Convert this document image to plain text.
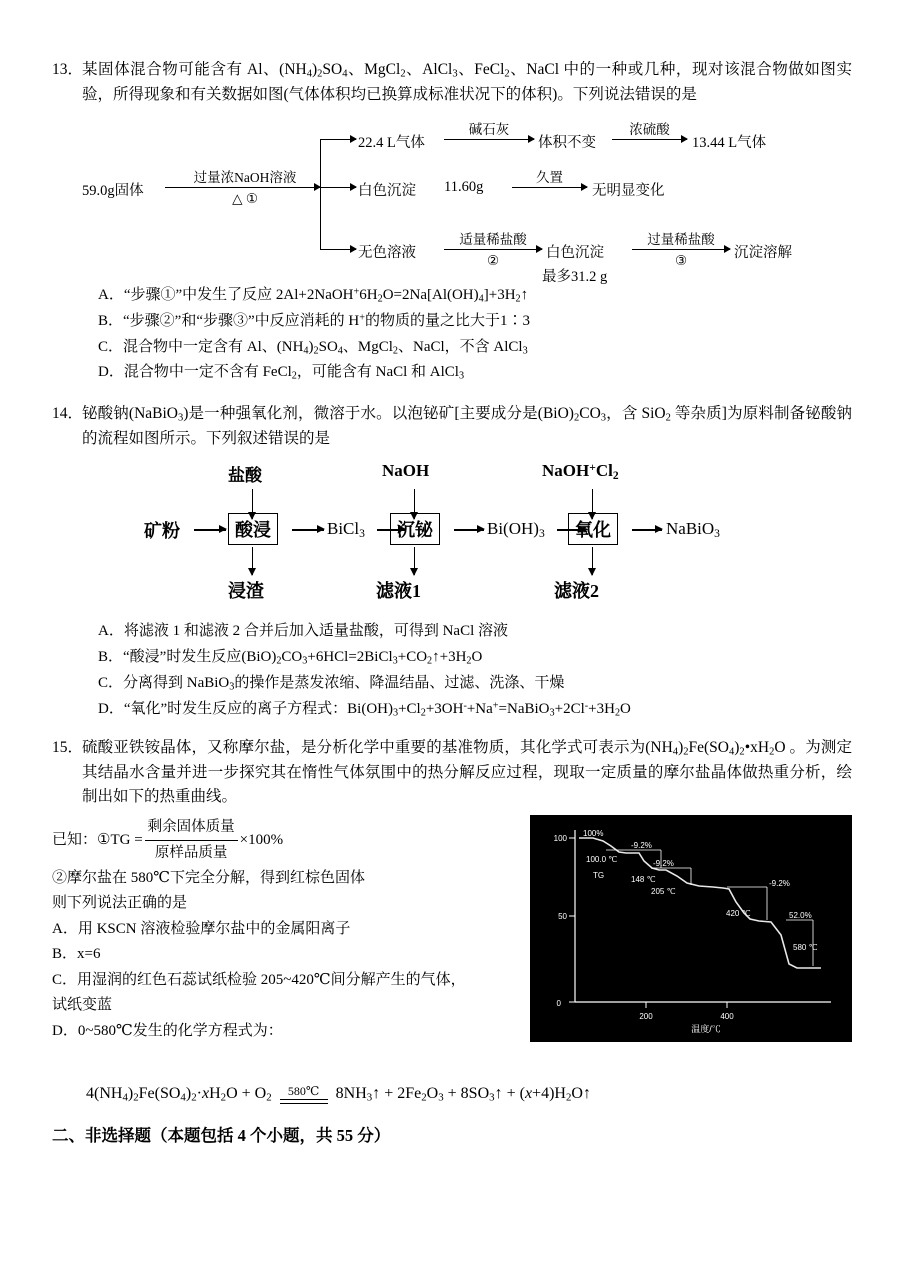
13．
某固体混合物可能含有 Al、$(NH_4)_2SO_4$、MgCl$_2$、AlCl$_3$、FeCl$_2$、NaCl 中的一种或几种，现对该混合物做如图实验，所得现象和有关数据如图(气体体积均已换算成标准状况下的体积)。下列说法错误的是
59.0g固体
过量浓NaOH溶液
△ ①
22.4 L气体
碱石灰
体积不变
浓硫酸
13.44 L气体
白色沉淀 11.60g
久置
无明显变化
无色溶液
适量稀盐酸
②	白色沉淀
最多31.2 g
过量稀盐酸
③	沉淀溶解
A．“步骤①”中发生了反应 $2Al+2NaOH^+6H_2O=2Na[Al(OH)_4]+3H_2↑$
B．“步骤②”和“步骤③”中反应消耗的 H+的物质的量之比大于1∶3
C．混合物中一定含有 Al、$(NH_4)_2SO_4$、MgCl$_2$、NaCl，不含 AlCl$_3$
D．混合物中一定不含有 FeCl$_2$，可能含有 NaCl 和 AlCl$_3$
14．
铋酸钠(NaBiO$_3$)是一种强氧化剂，微溶于水。以泡铋矿[主要成分是$(BiO)_2CO_3$，含 SiO$_2$ 等杂质]为原料制备铋酸钠的流程如图所示。下列叙述错误的是
盐酸	NaOH	$NaOH^+Cl_2$
矿粉	酸浸	BiCl$_3$	沉铋	$Bi(OH)_3$	氧化	NaBiO$_3$
浸渣	滤液1	滤液2
A．将滤液 1 和滤液 2 合并后加入适量盐酸，可得到 NaCl 溶液
B．“酸浸”时发生反应$(BiO)_2CO_3+6HCl=2BiCl_3+CO_2↑+3H_2O$
C．分离得到 NaBiO$_3$的操作是蒸发浓缩、降温结晶、过滤、洗涤、干燥
D．“氧化”时发生反应的离子方程式：$Bi(OH)_3+Cl_2+3OH^-+Na^+=NaBiO_3+2Cl^-+3H_2O$
15．
硫酸亚铁铵晶体，又称摩尔盐，是分析化学中重要的基准物质，其化学式可表示为$(NH_4)_2Fe(SO_4)_2•xH_2O$ 。为测定其结晶水含量并进一步探究其在惰性气体氛围中的热分解反应过程，现取一定质量的摩尔盐晶体做热重分析，绘制出如下的热重曲线。
0
50
100
200	400
温度/℃
100%
100.0 ℃
-9.2%
-9.2%
148 ℃
205 ℃
-9.2%
420 ℃	52.0%
580 ℃
TG
已知： ①TG = $\frac{\text{剩余固体质量}}{\text{原样品质量}} \times 100\%$
②摩尔盐在 580℃下完全分解，得到红棕色固体
则下列说法正确的是
A．用 KSCN 溶液检验摩尔盐中的金属阳离子
B．x=6
C．用湿润的红色石蕊试纸检验 205~420℃间分解产生的气体，试纸变蓝
D．0~580℃发生的化学方程式为：
$4(NH_4)_2Fe(SO_4)_2\cdot xH_2O + O_2$	580℃	$8NH_3↑ + 2Fe_2O_3$ + $8SO_3↑$ + $(x+4)H_2O↑$
二、非选择题（本题包括 4 个小题，共 55 分）
